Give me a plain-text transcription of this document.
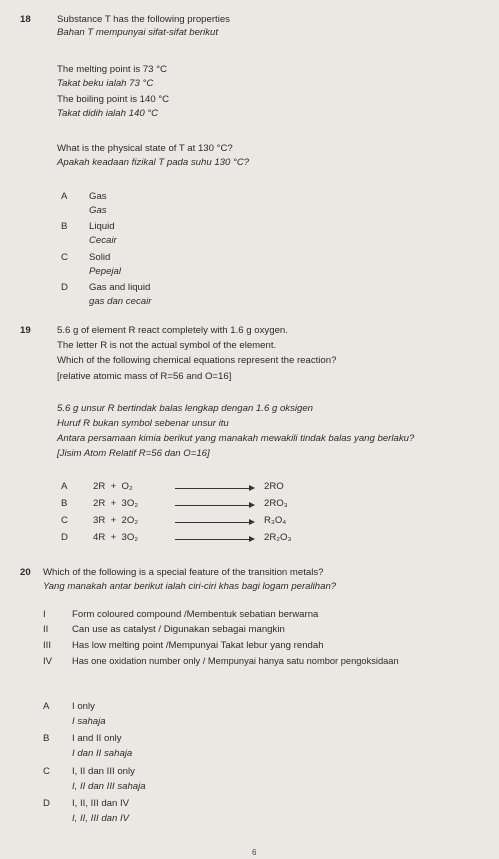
18	Substance T has the following properties
Bahan T mempunyai sifat-sifat berikut
The melting point is 73 °C
Takat beku ialah 73 °C
The boiling point is 140 °C
Takat didih ialah 140 °C
What is the physical state of T at 130 °C?
Apakah keadaan fizikal T pada suhu 130 °C?
A Gas
Gas
B Liquid
Cecair
C Solid
Pepejal
D Gas and liquid
gas dan cecair
19	5.6 g of element R react completely with 1.6 g oxygen.
The letter R is not the actual symbol of the element.
Which of the following chemical equations represent the reaction?
[relative atomic mass of R=56 and O=16]
5.6 g unsur R bertindak balas lengkap dengan 1.6 g oksigen
Huruf R bukan symbol sebenar unsur itu
Antara persamaan kimia berikut yang manakah mewakili tindak balas yang berlaku?
[Jisim Atom Relatif R=56 dan O=16]
A	2R  +  O₂	2RO
B	2R  +  3O₂	2RO₃
C	3R  +  2O₂	R₃O₄
D	4R  +  3O₂	2R₂O₃
20 Which of the following is a special feature of the transition metals?
Yang manakah antar berikut ialah ciri-ciri khas bagi logam peralihan?
I	Form coloured compound /Membentuk sebatian berwarna
II Can use as catalyst / Digunakan sebagai mangkin
III Has low melting point /Mempunyai Takat lebur yang rendah
IV Has one oxidation number only / Mempunyai hanya satu nombor pengoksidaan
A I only
I sahaja
B I and II only
I dan II sahaja
C I, II dan III only
I, II dan III sahaja
D I, II, III dan IV
I, II, III dan IV
6
